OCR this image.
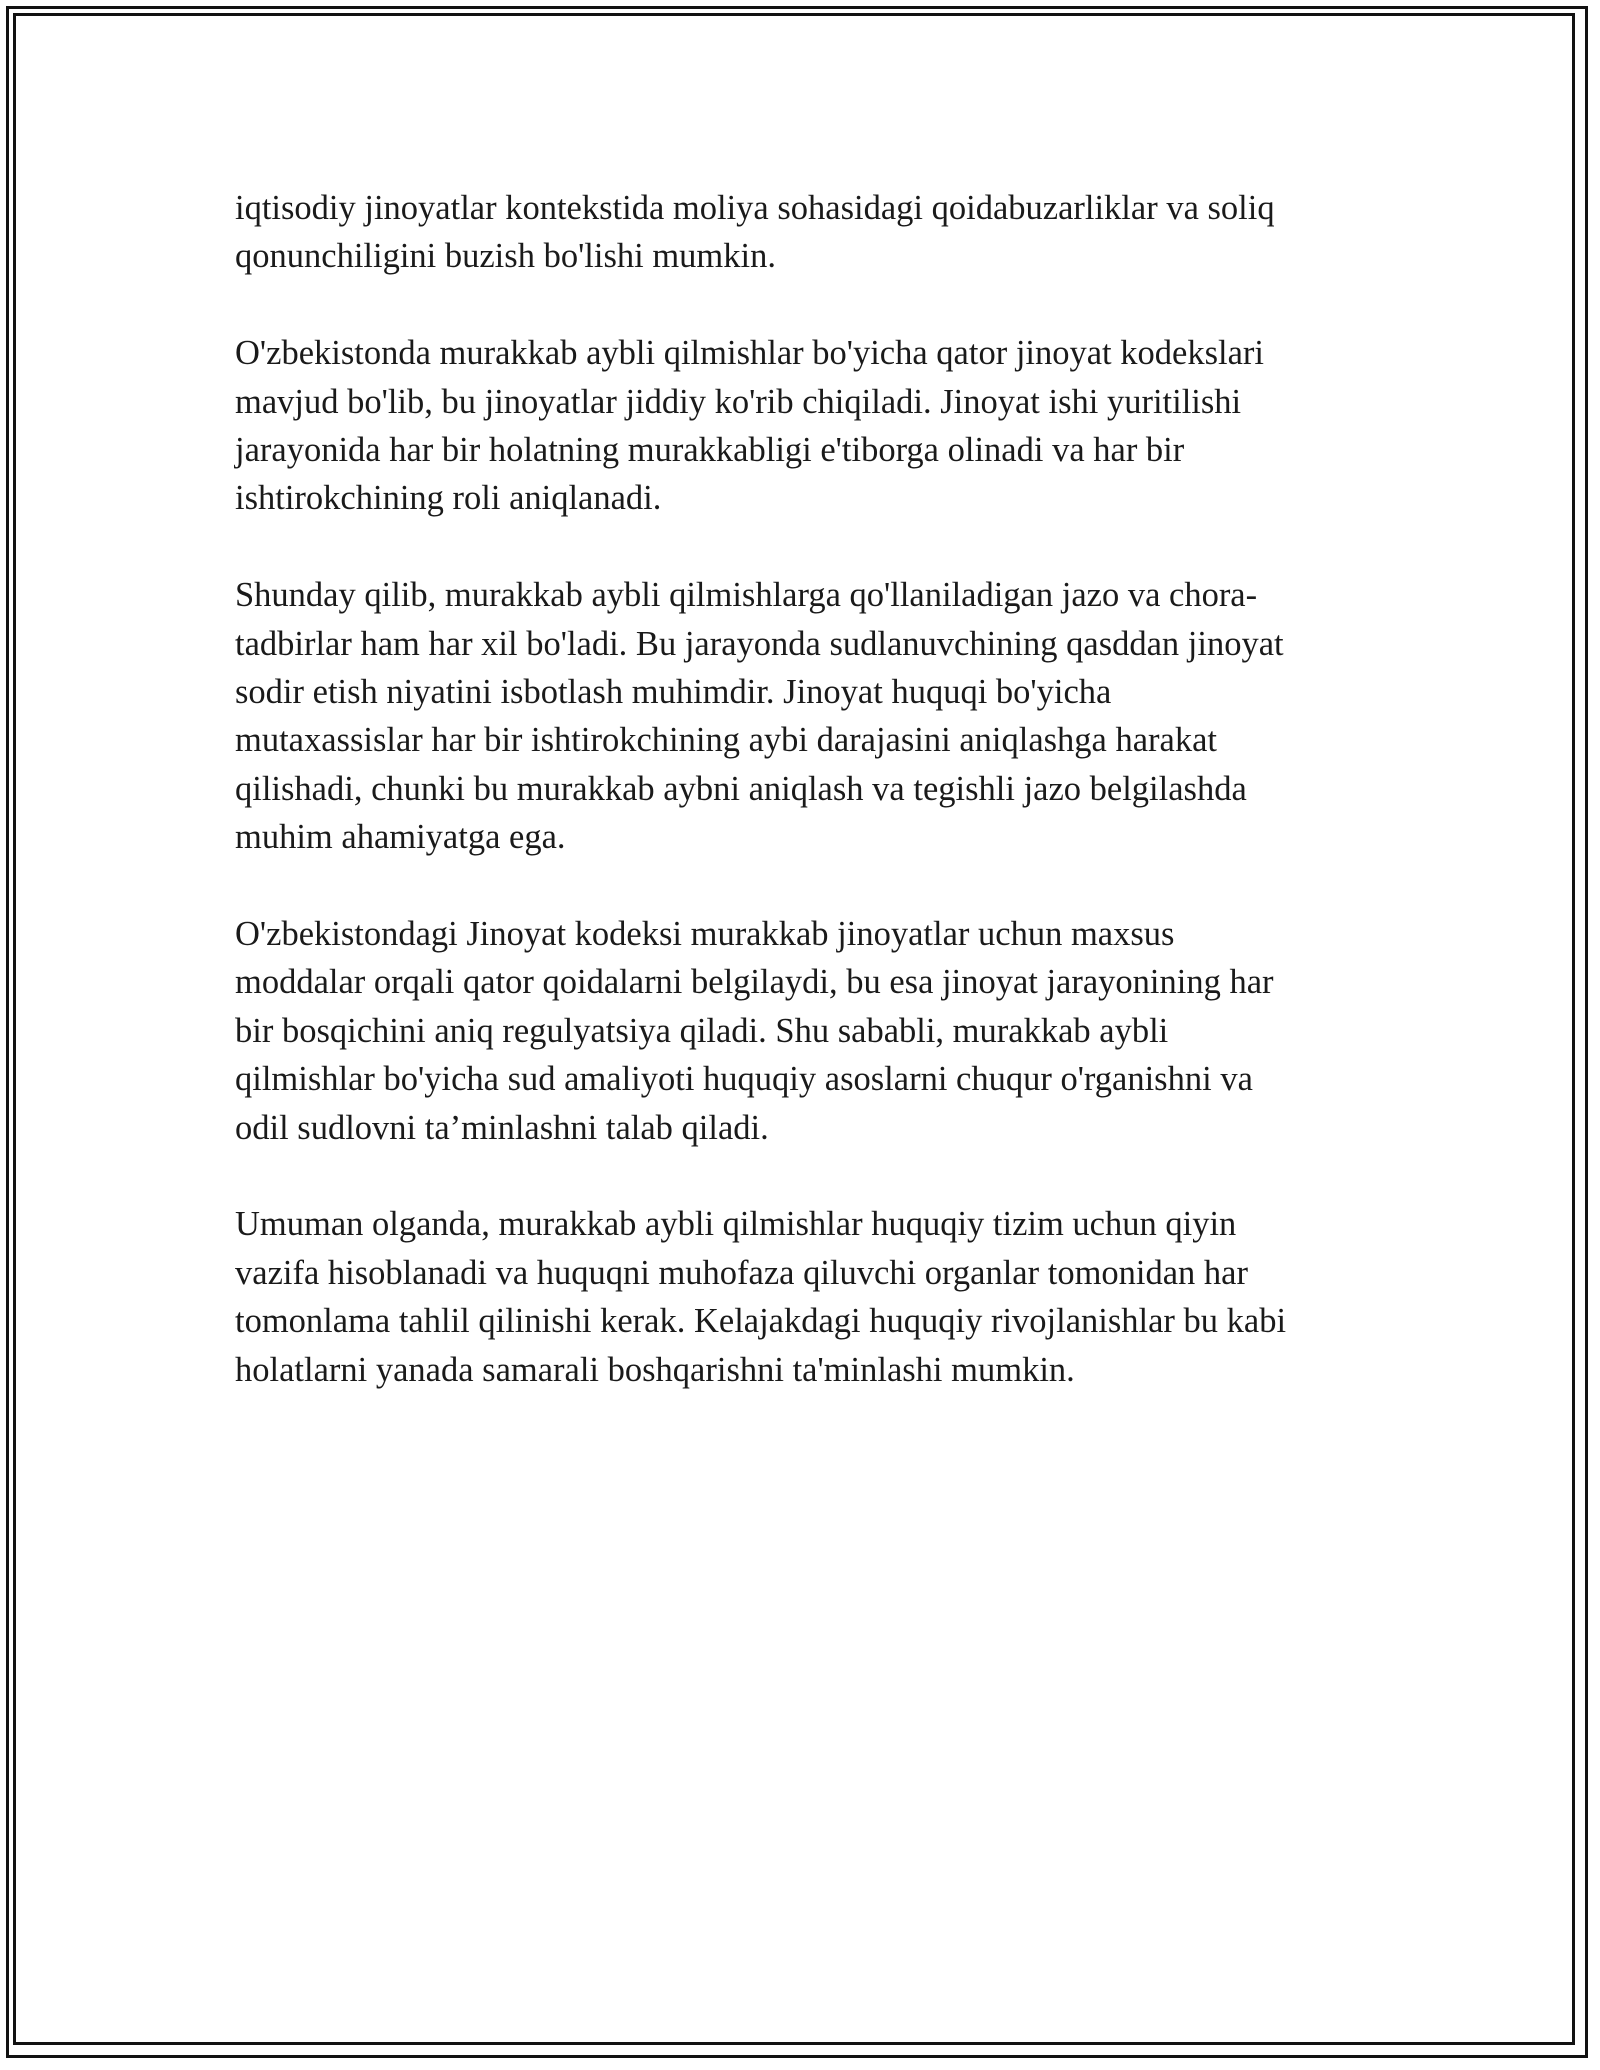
iqtisodiy jinoyatlar kontekstida moliya sohasidagi qoidabuzarliklar va soliq
qonunchiligini buzish bo'lishi mumkin.

O'zbekistonda murakkab aybli qilmishlar bo'yicha qator jinoyat kodekslari
mavjud bo'lib, bu jinoyatlar jiddiy ko'rib chiqiladi. Jinoyat ishi yuritilishi
jarayonida har bir holatning murakkabligi e'tiborga olinadi va har bir
ishtirokchining roli aniqlanadi.

Shunday qilib, murakkab aybli qilmishlarga qo'llaniladigan jazo va chora-
tadbirlar ham har xil bo'ladi. Bu jarayonda sudlanuvchining qasddan jinoyat
sodir etish niyatini isbotlash muhimdir. Jinoyat huquqi bo'yicha
mutaxassislar har bir ishtirokchining aybi darajasini aniqlashga harakat
qilishadi, chunki bu murakkab aybni aniqlash va tegishli jazo belgilashda
muhim ahamiyatga ega.

O'zbekistondagi Jinoyat kodeksi murakkab jinoyatlar uchun maxsus
moddalar orqali qator qoidalarni belgilaydi, bu esa jinoyat jarayonining har
bir bosqichini aniq regulyatsiya qiladi. Shu sababli, murakkab aybli
qilmishlar bo'yicha sud amaliyoti huquqiy asoslarni chuqur o'rganishni va
odil sudlovni ta’minlashni talab qiladi.

Umuman olganda, murakkab aybli qilmishlar huquqiy tizim uchun qiyin
vazifa hisoblanadi va huquqni muhofaza qiluvchi organlar tomonidan har
tomonlama tahlil qilinishi kerak. Kelajakdagi huquqiy rivojlanishlar bu kabi
holatlarni yanada samarali boshqarishni ta'minlashi mumkin.
